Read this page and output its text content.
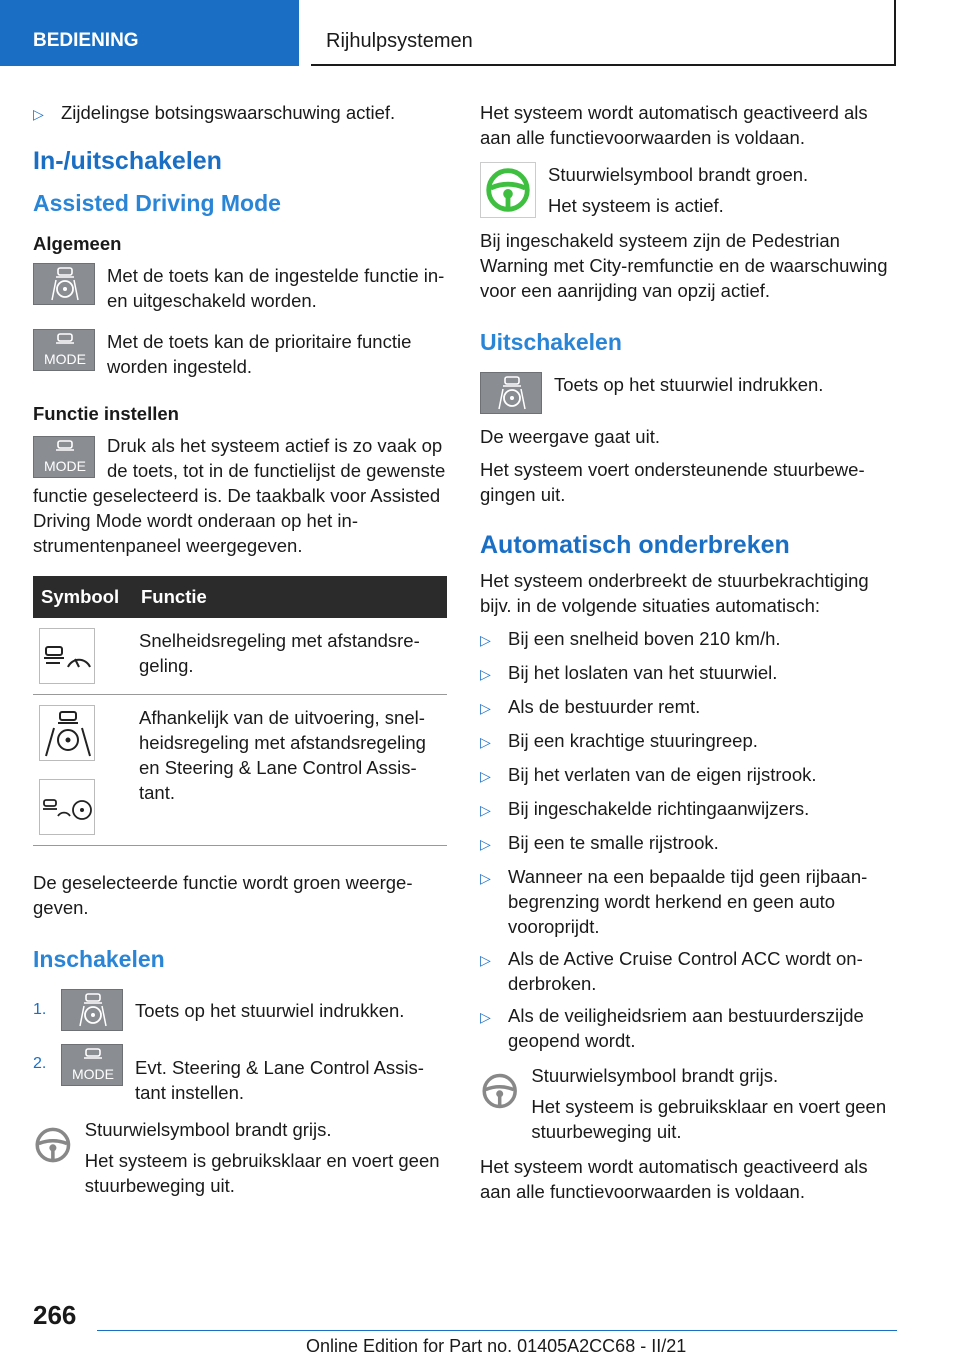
BEDIENING	Rijhulpsystemen
▷ Zijdelingse botsingswaarschuwing actief.
In-/uitschakelen
Assisted Driving Mode
Algemeen

Met de toets kan de ingestelde functie in- en uitgeschakeld worden.

MODE

Met de toets kan de prioritaire functie worden ingesteld.

Functie instellen
MODE

Druk als het systeem actief is zo vaak op de toets, tot in de functielijst de gewenste functie geselecteerd is. De taakbalk voor Assisted Driving Mode wordt onderaan op het instrumentenpaneel weergegeven.

Symbool	Functie

	Snelheidsregeling met afstandsregeling.

	Afhankelijk van de uitvoering, snelheidsregeling met afstandsregeling en Steering & Lane Control Assistant.

De geselecteerde functie wordt groen weergegeven.

Inschakelen
1.	Toets op het stuurwiel indrukken.

2.
MODE	Evt. Steering & Lane Control Assistant instellen.

Stuurwielsymbool brandt grijs.

Het systeem is gebruiksklaar en voert geen stuurbeweging uit.

Het systeem wordt automatisch geactiveerd als aan alle functievoorwaarden is voldaan.

Stuurwielsymbool brandt groen.

Het systeem is actief.

Bij ingeschakeld systeem zijn de Pedestrian Warning met City-remfunctie en de waarschuwing voor een aanrijding van opzij actief.

Uitschakelen

Toets op het stuurwiel indrukken.

De weergave gaat uit.

Het systeem voert ondersteunende stuurbewegingen uit.

Automatisch onderbreken

Het systeem onderbreekt de stuurbekrachtiging bijv. in de volgende situaties automatisch:

▷ Bij een snelheid boven 210 km/h.
▷ Bij het loslaten van het stuurwiel.
▷ Als de bestuurder remt.
▷ Bij een krachtige stuuringreep.
▷ Bij het verlaten van de eigen rijstrook.
▷ Bij ingeschakelde richtingaanwijzers.
▷ Bij een te smalle rijstrook.
▷ Wanneer na een bepaalde tijd geen rijbaanbegrenzing wordt herkend en geen auto vooroprijdt.
▷ Als de Active Cruise Control ACC wordt onderbroken.
▷ Als de veiligheidsriem aan bestuurderszijde geopend wordt.

Stuurwielsymbool brandt grijs.

Het systeem is gebruiksklaar en voert geen stuurbeweging uit.

Het systeem wordt automatisch geactiveerd als aan alle functievoorwaarden is voldaan.

266
Online Edition for Part no. 01405A2CC68 - II/21
